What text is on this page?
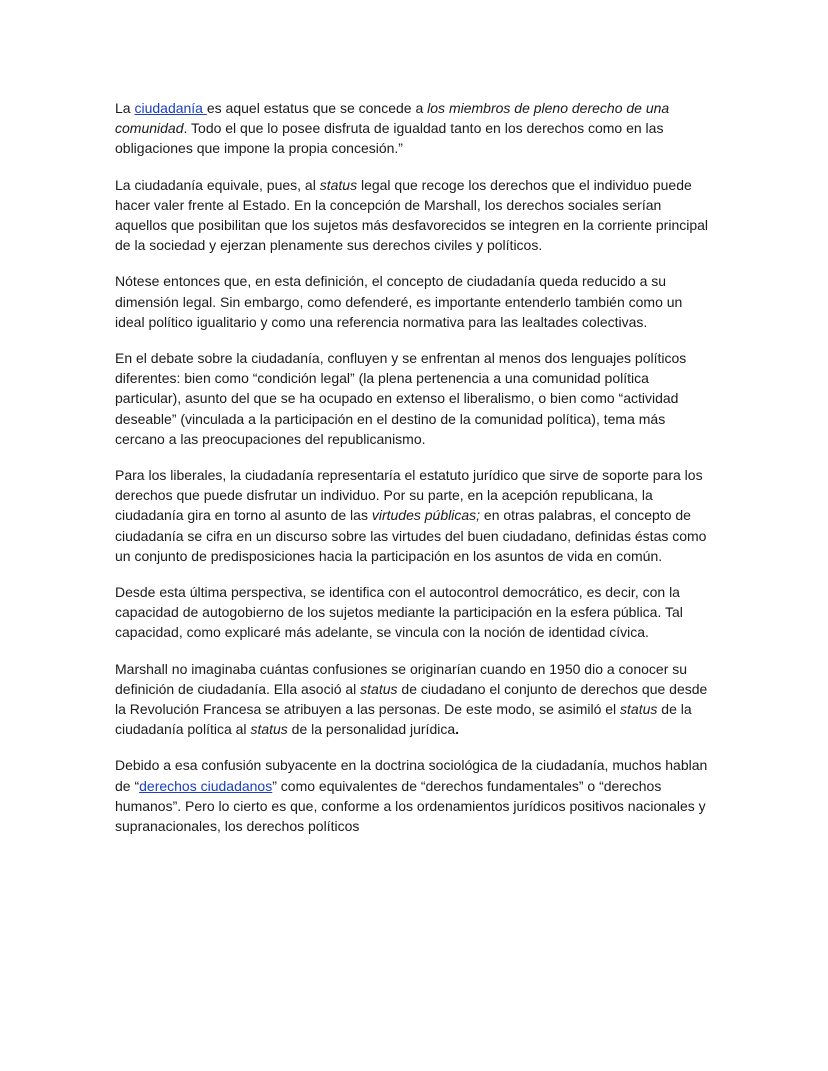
La ciudadanía es aquel estatus que se concede a los miembros de pleno derecho de una comunidad. Todo el que lo posee disfruta de igualdad tanto en los derechos como en las obligaciones que impone la propia concesión.”

La ciudadanía equivale, pues, al status legal que recoge los derechos que el individuo puede hacer valer frente al Estado. En la concepción de Marshall, los derechos sociales serían aquellos que posibilitan que los sujetos más desfavorecidos se integren en la corriente principal de la sociedad y ejerzan plenamente sus derechos civiles y políticos.

Nótese entonces que, en esta definición, el concepto de ciudadanía queda reducido a su dimensión legal. Sin embargo, como defenderé, es importante entenderlo también como un ideal político igualitario y como una referencia normativa para las lealtades colectivas.

En el debate sobre la ciudadanía, confluyen y se enfrentan al menos dos lenguajes políticos diferentes: bien como “condición legal” (la plena pertenencia a una comunidad política particular), asunto del que se ha ocupado en extenso el liberalismo, o bien como “actividad deseable” (vinculada a la participación en el destino de la comunidad política), tema más cercano a las preocupaciones del republicanismo.

Para los liberales, la ciudadanía representaría el estatuto jurídico que sirve de soporte para los derechos que puede disfrutar un individuo. Por su parte, en la acepción republicana, la ciudadanía gira en torno al asunto de las virtudes públicas; en otras palabras, el concepto de ciudadanía se cifra en un discurso sobre las virtudes del buen ciudadano, definidas éstas como un conjunto de predisposiciones hacia la participación en los asuntos de vida en común.

Desde esta última perspectiva, se identifica con el autocontrol democrático, es decir, con la capacidad de autogobierno de los sujetos mediante la participación en la esfera pública. Tal capacidad, como explicaré más adelante, se vincula con la noción de identidad cívica.

Marshall no imaginaba cuántas confusiones se originarían cuando en 1950 dio a conocer su definición de ciudadanía. Ella asoció al status de ciudadano el conjunto de derechos que desde la Revolución Francesa se atribuyen a las personas. De este modo, se asimiló el status de la ciudadanía política al status de la personalidad jurídica.

Debido a esa confusión subyacente en la doctrina sociológica de la ciudadanía, muchos hablan de “derechos ciudadanos” como equivalentes de “derechos fundamentales” o “derechos humanos”. Pero lo cierto es que, conforme a los ordenamientos jurídicos positivos nacionales y supranacionales, los derechos políticos
